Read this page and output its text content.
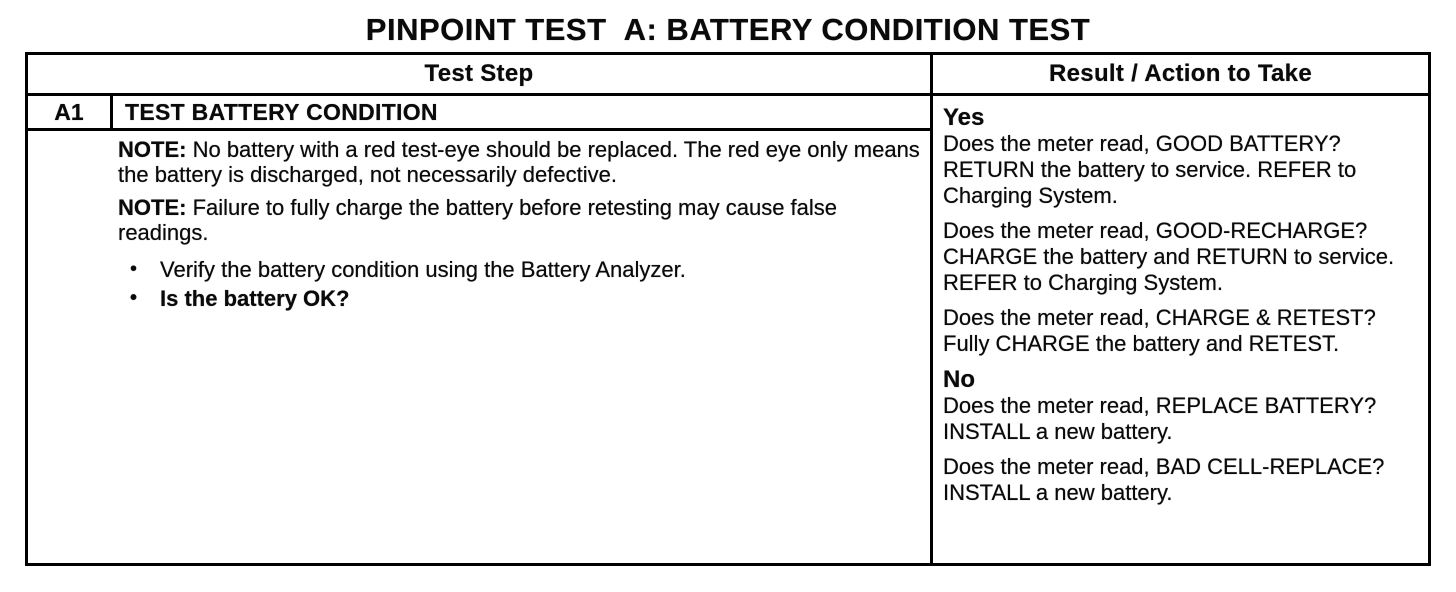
PINPOINT TEST  A: BATTERY CONDITION TEST
Test Step	Result / Action to Take
A1	TEST BATTERY CONDITION

NOTE: No battery with a red test-eye should be replaced. The red eye only means the battery is discharged, not necessarily defective.

NOTE: Failure to fully charge the battery before retesting may cause false readings.

• Verify the battery condition using the Battery Analyzer.
• Is the battery OK?

Yes

Does the meter read, GOOD BATTERY? RETURN the battery to service. REFER to Charging System.

Does the meter read, GOOD-RECHARGE? CHARGE the battery and RETURN to service. REFER to Charging System.

Does the meter read, CHARGE & RETEST? Fully CHARGE the battery and RETEST.

No

Does the meter read, REPLACE BATTERY? INSTALL a new battery.

Does the meter read, BAD CELL-REPLACE? INSTALL a new battery.
